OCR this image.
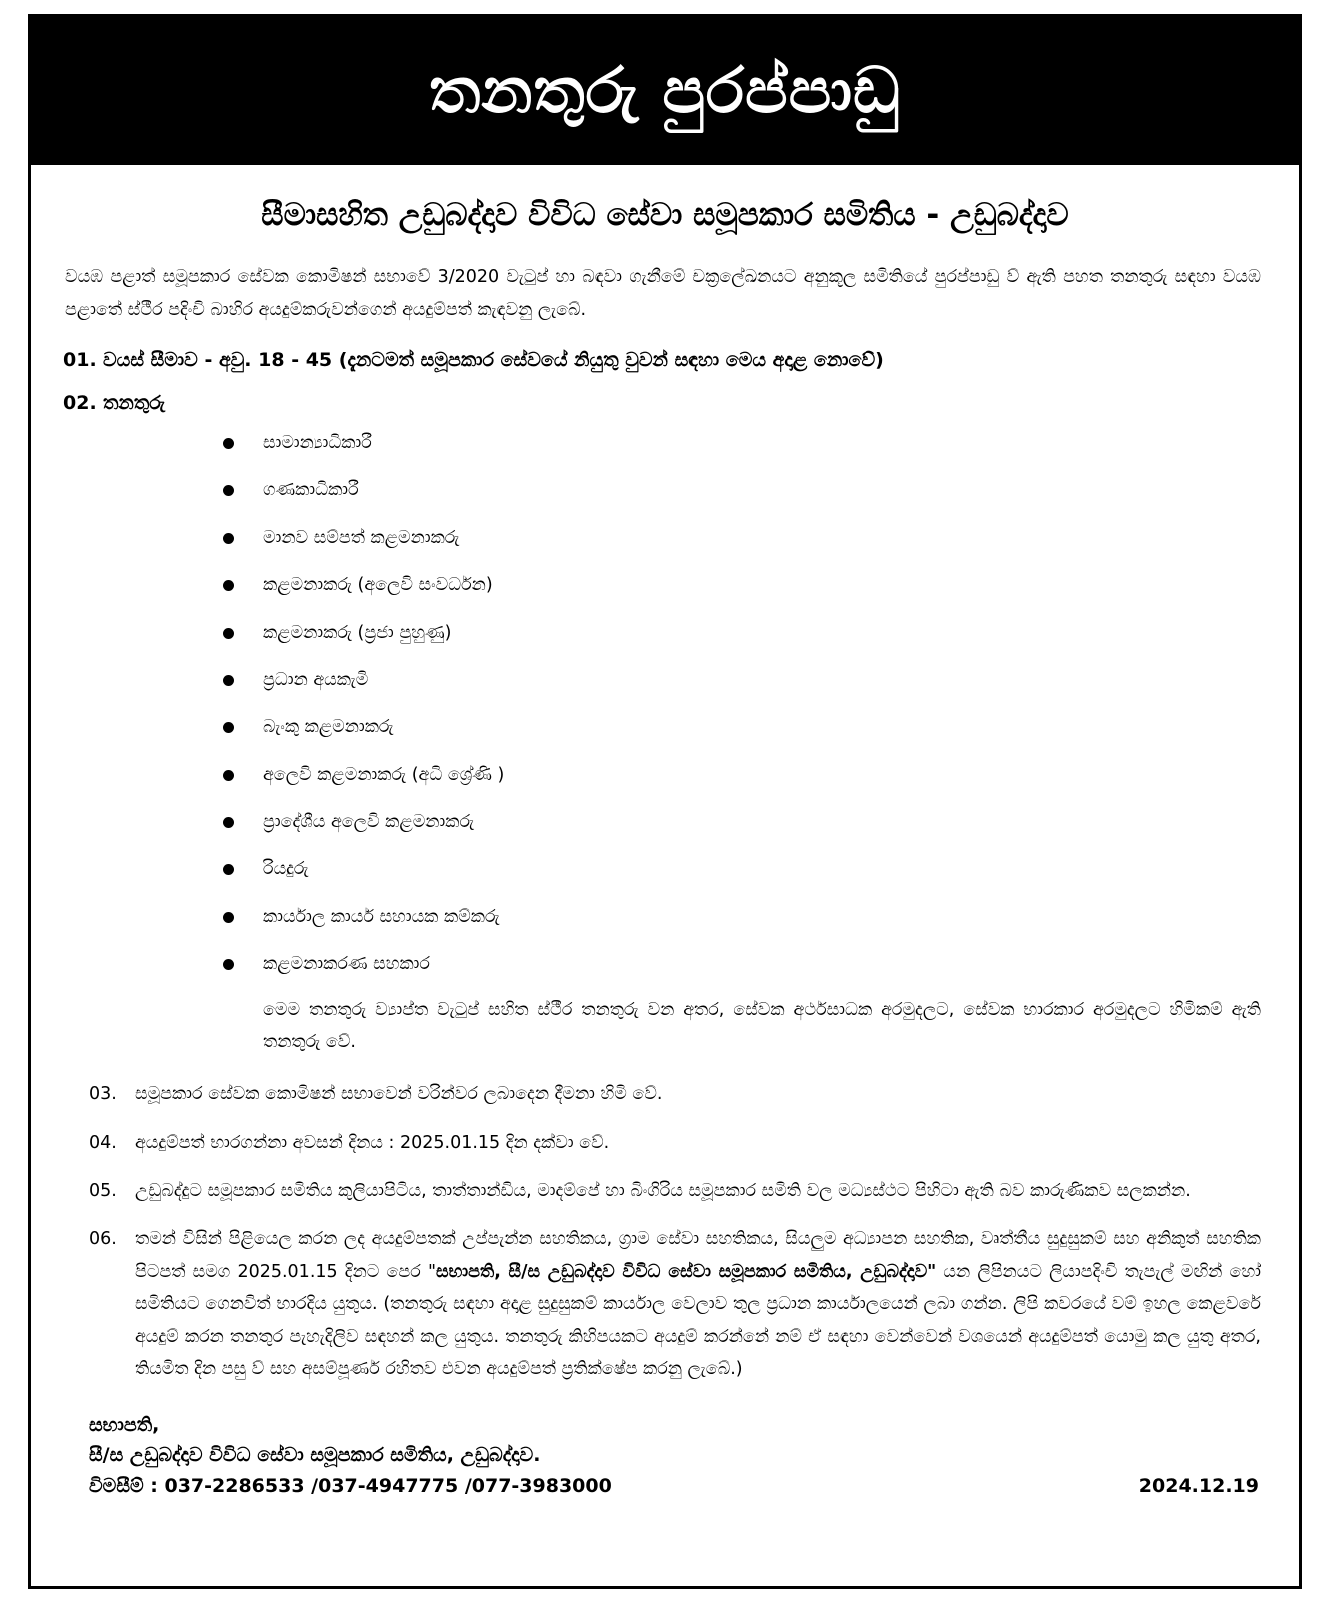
තනතුරු පුරප්පාඩු
සීමාසහිත උඩුබද්දාව විවිධ සේවා සමූපකාර සමිතිය - උඩුබද්දාව
වයඹ පළාත් සමූපකාර සේවක කොමිෂන් සභාවේ 3/2020 වැටුප් හා බඳවා ගැනීමේ චක්‍රලේඛනයට අනුකූල සමිතියේ පුරප්පාඩු ව් ඇති පහත තනතුරු සඳහා වයඹ පළාතේ ස්ථීර පදිංචි බාහිර අයදුම්කරුවන්ගෙන් අයදුම්පත් කැඳවනු ලැබේ.
01. වයස් සීමාව - අවු. 18 - 45 (දැනටමත් සමූපකාර සේවයේ නියුතු වුවන් සඳහා මෙය අදාළ නොවේ)
02. තනතුරු
සාමාන්‍යාධිකාරී
ගණකාධිකාරී
මානව සම්පත් කළමනාකරු
කළමනාකරු (අලෙවි සංවර්ධන)
කළමනාකරු (ප්‍රජා පුහුණු)
ප්‍රධාන අයකැමි
බැංකු කළමනාකරු
අලෙවි කළමනාකරු (අධි ශ්‍රේණි )
ප්‍රාදේශීය අලෙවි කළමනාකරු
රියදුරු
කාර්යාල කාර්ය සහායක කම්කරු
කළමනාකරණ සහකාර
මෙම තනතුරු ව්‍යාප්ත වැටුප් සහිත ස්ථීර තනතුරු වන අතර, සේවක අර්ථසාධක අරමුදලට, සේවක භාරකාර අරමුදලට හිමිකම් ඇති තනතුරු වේ.
03. සමූපකාර සේවක කොමිෂන් සභාවෙන් වරින්වර ලබාදෙන දීමනා හිමි වේ.
04. අයදුම්පත් භාරගන්නා අවසන් දිනය : 2025.01.15 දින දක්වා වේ.
05. උඩුබද්දුට සමූපකාර සමිතිය කුලියාපිටිය, තාත්තාන්ඩිය, මාදම්පේ හා බිංගිරිය සමූපකාර සමිති වල මධ්‍යස්ථට පිහිටා ඇති බව කාරුණිකව සලකන්න.
06. තමන් විසින් පිළියෙල කරන ලද අයදුම්පතක් උප්පැන්න සහතිකය, ග්‍රාම සේවා සහතිකය, සියලුම අධ්‍යාපන සහතික, වෘත්තීය සුදුසුකම් සහ අනිකුත් සහතික පිටපත් සමග 2025.01.15 දිනට පෙර "සභාපති, සී/ස උඩුබද්දාව විවිධ සේවා සමූපකාර සමිතිය, උඩුබද්දාව" යන ලිපිනයට ලියාපදිංචි තැපැල් මඟින් හෝ සමිතියට ගෙනවිත් භාරදිය යුතුය. (තනතුරු සඳහා අදාළ සුදුසුකම් කාර්යාල වෙලාව තුල ප්‍රධාන කාර්යාලයෙන් ලබා ගන්න. ලිපි කවරයේ වම් ඉහල කෙළවරේ අයදුම් කරන තනතුර පැහැදිලිව සඳහන් කල යුතුය. තනතුරු කිහිපයකට අයදුම් කරන්නේ නම් ඒ සඳහා වෙන්වෙන් වශයෙන් අයදුම්පත් යොමු කල යුතු අතර, තියමිත දින පසු ව් සහ අසම්පූර්ණ රහිතව එවන අයදුම්පත් ප්‍රතික්ෂේප කරනු ලැබේ.)
සභාපති,
සී/ස උඩුබද්දාව විවිධ සේවා සමූපකාර සමිතිය, උඩුබද්දාව.
විමසීම් : 037-2286533 /037-4947775 /077-3983000	2024.12.19
